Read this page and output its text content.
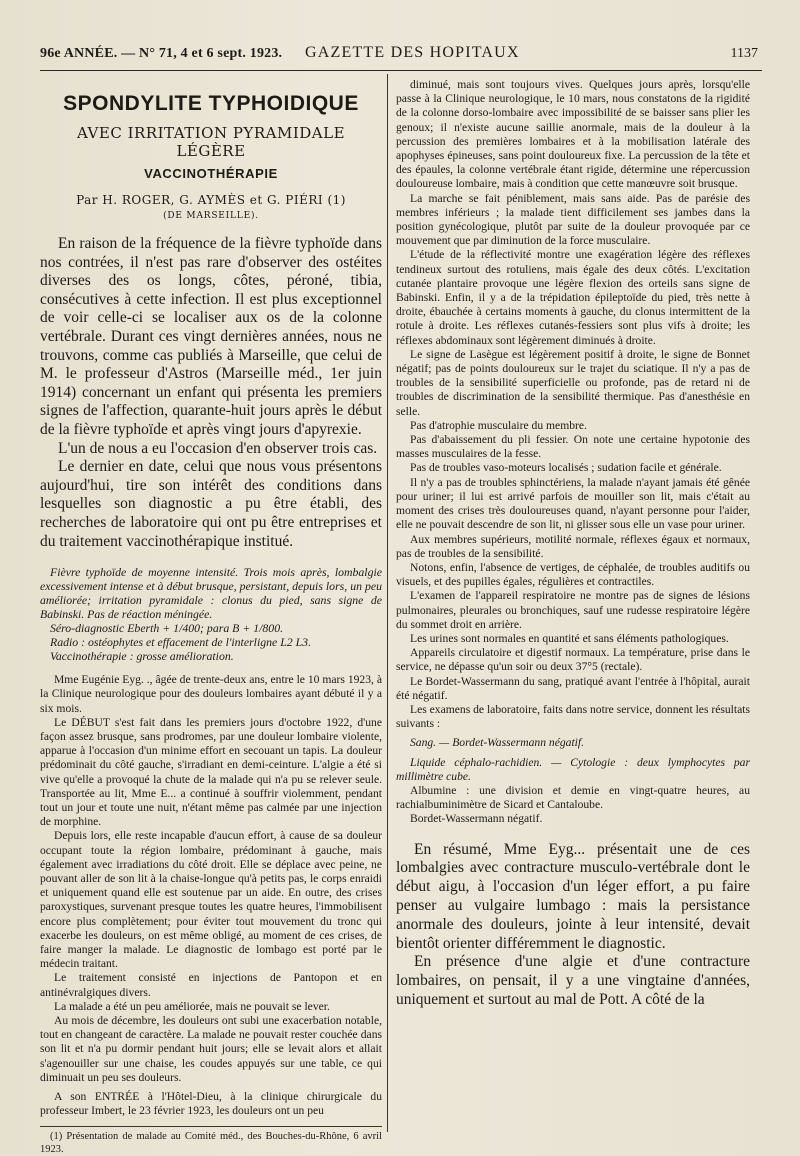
96e ANNÉE. — N° 71, 4 et 6 sept. 1923. GAZETTE DES HOPITAUX	1137
SPONDYLITE TYPHOIDIQUE
AVEC IRRITATION PYRAMIDALE LÉGÈRE
VACCINOTHÉRAPIE
Par H. ROGER, G. AYMÈS et G. PIÉRI (1)
(DE MARSEILLE).

En raison de la fréquence de la fièvre typhoïde dans nos contrées, il n'est pas rare d'observer des ostéites diverses des os longs, côtes, péroné, tibia, consécutives à cette infection. Il est plus exceptionnel de voir celle-ci se localiser aux os de la colonne vertébrale. Durant ces vingt dernières années, nous ne trouvons, comme cas publiés à Marseille, que celui de M. le professeur d'Astros (Marseille méd., 1er juin 1914) concernant un enfant qui présenta les premiers signes de l'affection, quarante-huit jours après le début de la fièvre typhoïde et après vingt jours d'apyrexie.

L'un de nous a eu l'occasion d'en observer trois cas.

Le dernier en date, celui que nous vous présentons aujourd'hui, tire son intérêt des conditions dans lesquelles son diagnostic a pu être établi, des recherches de laboratoire qui ont pu être entreprises et du traitement vaccinothérapique institué.

Fièvre typhoïde de moyenne intensité. Trois mois après, lombalgie excessivement intense et à début brusque, persistant, depuis lors, un peu améliorée; irritation pyramidale : clonus du pied, sans signe de Babinski. Pas de réaction méningée.

Séro-diagnostic Eberth + 1/400; para B + 1/800.

Radio : ostéophytes et effacement de l'interligne L2 L3.

Vaccinothérapie : grosse amélioration.

Mme Eugénie Eyg. ., âgée de trente-deux ans, entre le 10 mars 1923, à la Clinique neurologique pour des douleurs lombaires ayant débuté il y a six mois.

Le DÉBUT s'est fait dans les premiers jours d'octobre 1922, d'une façon assez brusque, sans prodromes, par une douleur lombaire violente, apparue à l'occasion d'un minime effort en secouant un tapis. La douleur prédominait du côté gauche, s'irradiant en demi-ceinture. L'algie a été si vive qu'elle a provoqué la chute de la malade qui n'a pu se relever seule. Transportée au lit, Mme E... a continué à souffrir violemment, pendant tout un jour et toute une nuit, n'étant même pas calmée par une injection de morphine.

Depuis lors, elle reste incapable d'aucun effort, à cause de sa douleur occupant toute la région lombaire, prédominant à gauche, mais également avec irradiations du côté droit. Elle se déplace avec peine, ne pouvant aller de son lit à la chaise-longue qu'à petits pas, le corps enraidi et uniquement quand elle est soutenue par un aide. En outre, des crises paroxystiques, survenant presque toutes les quatre heures, l'immobilisent encore plus complètement; pour éviter tout mouvement du tronc qui exacerbe les douleurs, on est même obligé, au moment de ces crises, de faire manger la malade. Le diagnostic de lombago est porté par le médecin traitant.

Le traitement consisté en injections de Pantopon et en antinévralgiques divers.

La malade a été un peu améliorée, mais ne pouvait se lever.

Au mois de décembre, les douleurs ont subi une exacerbation notable, tout en changeant de caractère. La malade ne pouvait rester couchée dans son lit et n'a pu dormir pendant huit jours; elle se levait alors et allait s'agenouiller sur une chaise, les coudes appuyés sur une table, ce qui diminuait un peu ses douleurs.

A son ENTRÉE à l'Hôtel-Dieu, à la clinique chirurgicale du professeur Imbert, le 23 février 1923, les douleurs ont un peu

(1) Présentation de malade au Comité méd., des Bouches-du-Rhône, 6 avril 1923.

diminué, mais sont toujours vives. Quelques jours après, lorsqu'elle passe à la Clinique neurologique, le 10 mars, nous constatons de la rigidité de la colonne dorso-lombaire avec impossibilité de se baisser sans plier les genoux; il n'existe aucune saillie anormale, mais de la douleur à la percussion des premières lombaires et à la mobilisation latérale des apophyses épineuses, sans point douloureux fixe. La percussion de la tête et des épaules, la colonne vertébrale étant rigide, détermine une répercussion douloureuse lombaire, mais à condition que cette manœuvre soit brusque.

La marche se fait péniblement, mais sans aide. Pas de parésie des membres inférieurs ; la malade tient difficilement ses jambes dans la position gynécologique, plutôt par suite de la douleur provoquée par ce mouvement que par diminution de la force musculaire.

L'étude de la réflectivité montre une exagération légère des réflexes tendineux surtout des rotuliens, mais égale des deux côtés. L'excitation cutanée plantaire provoque une légère flexion des orteils sans signe de Babinski. Enfin, il y a de la trépidation épileptoïde du pied, très nette à droite, ébauchée à certains moments à gauche, du clonus intermittent de la rotule à droite. Les réflexes cutanés-fessiers sont plus vifs à droite; les réflexes abdominaux sont légèrement diminués à droite.

Le signe de Lasègue est légèrement positif à droite, le signe de Bonnet négatif; pas de points douloureux sur le trajet du sciatique. Il n'y a pas de troubles de la sensibilité superficielle ou profonde, pas de retard ni de troubles de discrimination de la sensibilité thermique. Pas d'anesthésie en selle.

Pas d'atrophie musculaire du membre.

Pas d'abaissement du pli fessier. On note une certaine hypotonie des masses musculaires de la fesse.

Pas de troubles vaso-moteurs localisés ; sudation facile et générale.

Il n'y a pas de troubles sphinctériens, la malade n'ayant jamais été gênée pour uriner; il lui est arrivé parfois de mouiller son lit, mais c'était au moment des crises très douloureuses quand, n'ayant personne pour l'aider, elle ne pouvait descendre de son lit, ni glisser sous elle un vase pour uriner.

Aux membres supérieurs, motilité normale, réflexes égaux et normaux, pas de troubles de la sensibilité.

Notons, enfin, l'absence de vertiges, de céphalée, de troubles auditifs ou visuels, et des pupilles égales, régulières et contractiles.

L'examen de l'appareil respiratoire ne montre pas de signes de lésions pulmonaires, pleurales ou bronchiques, sauf une rudesse respiratoire légère du sommet droit en arrière.

Les urines sont normales en quantité et sans éléments pathologiques.

Appareils circulatoire et digestif normaux. La température, prise dans le service, ne dépasse qu'un soir ou deux 37°5 (rectale).

Le Bordet-Wassermann du sang, pratiqué avant l'entrée à l'hôpital, aurait été négatif.

Les examens de laboratoire, faits dans notre service, donnent les résultats suivants :

Sang. — Bordet-Wassermann négatif.

Liquide céphalo-rachidien. — Cytologie : deux lymphocytes par millimètre cube.

Albumine : une division et demie en vingt-quatre heures, au rachialbuminimètre de Sicard et Cantaloube.

Bordet-Wassermann négatif.

En résumé, Mme Eyg... présentait une de ces lombalgies avec contracture musculo-vertébrale dont le début aigu, à l'occasion d'un léger effort, a pu faire penser au vulgaire lumbago : mais la persistance anormale des douleurs, jointe à leur intensité, devait bientôt orienter différemment le diagnostic.

En présence d'une algie et d'une contracture lombaires, on pensait, il y a une vingtaine d'années, uniquement et surtout au mal de Pott. A côté de la
